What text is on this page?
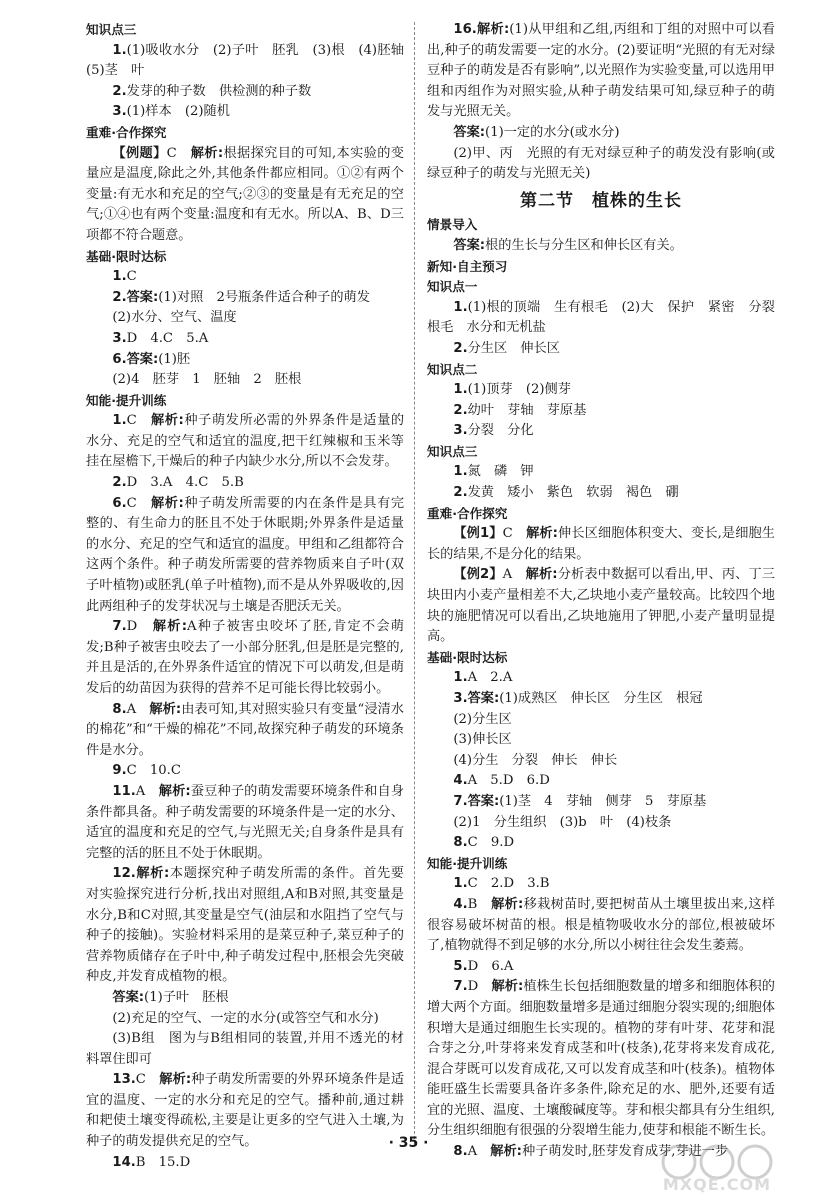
知识点三

1.(1)吸收水分　(2)子叶　胚乳　(3)根　(4)胚轴　(5)茎　叶

2.发芽的种子数　供检测的种子数

3.(1)样本　(2)随机

重难·合作探究

【例题】C　解析:根据探究目的可知,本实验的变量应是温度,除此之外,其他条件都应相同。①②有两个变量:有无水和充足的空气;②③的变量是有无充足的空气;①④也有两个变量:温度和有无水。所以A、B、D三项都不符合题意。

基础·限时达标

1.C

2.答案:(1)对照　2号瓶条件适合种子的萌发

(2)水分、空气、温度

3.D　4.C　5.A

6.答案:(1)胚

(2)4　胚芽　1　胚轴　2　胚根

知能·提升训练

1.C　解析:种子萌发所必需的外界条件是适量的水分、充足的空气和适宜的温度,把干红辣椒和玉米等挂在屋檐下,干燥后的种子内缺少水分,所以不会发芽。

2.D　3.A　4.C　5.B

6.C　解析:种子萌发所需要的内在条件是具有完整的、有生命力的胚且不处于休眠期;外界条件是适量的水分、充足的空气和适宜的温度。甲组和乙组都符合这两个条件。种子萌发所需要的营养物质来自子叶(双子叶植物)或胚乳(单子叶植物),而不是从外界吸收的,因此两组种子的发芽状况与土壤是否肥沃无关。

7.D　解析:A种子被害虫咬坏了胚,肯定不会萌发;B种子被害虫咬去了一小部分胚乳,但是胚是完整的,并且是活的,在外界条件适宜的情况下可以萌发,但是萌发后的幼苗因为获得的营养不足可能长得比较弱小。

8.A　解析:由表可知,其对照实验只有变量“浸清水的棉花”和“干燥的棉花”不同,故探究种子萌发的环境条件是水分。

9.C　10.C

11.A　解析:蚕豆种子的萌发需要环境条件和自身条件都具备。种子萌发需要的环境条件是一定的水分、适宜的温度和充足的空气,与光照无关;自身条件是具有完整的活的胚且不处于休眠期。

12.解析:本题探究种子萌发所需的条件。首先要对实验探究进行分析,找出对照组,A和B对照,其变量是水分,B和C对照,其变量是空气(油层和水阻挡了空气与种子的接触)。实验材料采用的是菜豆种子,菜豆种子的营养物质储存在子叶中,种子萌发过程中,胚根会先突破种皮,并发育成植物的根。

答案:(1)子叶　胚根

(2)充足的空气、一定的水分(或答空气和水分)

(3)B组　图为与B组相同的装置,并用不透光的材料罩住即可

13.C　解析:种子萌发所需要的外界环境条件是适宜的温度、一定的水分和充足的空气。播种前,通过耕和耙使土壤变得疏松,主要是让更多的空气进入土壤,为种子的萌发提供充足的空气。

14.B　15.D

16.解析:(1)从甲组和乙组,丙组和丁组的对照中可以看出,种子的萌发需要一定的水分。(2)要证明“光照的有无对绿豆种子的萌发是否有影响”,以光照作为实验变量,可以选用甲组和丙组作为对照实验,从种子萌发结果可知,绿豆种子的萌发与光照无关。

答案:(1)一定的水分(或水分)

(2)甲、丙　光照的有无对绿豆种子的萌发没有影响(或绿豆种子的萌发与光照无关)

第二节 植株的生长

情景导入

答案:根的生长与分生区和伸长区有关。

新知·自主预习

知识点一

1.(1)根的顶端　生有根毛　(2)大　保护　紧密　分裂　根毛　水分和无机盐

2.分生区　伸长区

知识点二

1.(1)顶芽　(2)侧芽

2.幼叶　芽轴　芽原基

3.分裂　分化

知识点三

1.氮　磷　钾

2.发黄　矮小　紫色　软弱　褐色　硼

重难·合作探究

【例1】C　解析:伸长区细胞体积变大、变长,是细胞生长的结果,不是分化的结果。

【例2】A　解析:分析表中数据可以看出,甲、丙、丁三块田内小麦产量相差不大,乙块地小麦产量较高。比较四个地块的施肥情况可以看出,乙块地施用了钾肥,小麦产量明显提高。

基础·限时达标

1.A　2.A

3.答案:(1)成熟区　伸长区　分生区　根冠

(2)分生区

(3)伸长区

(4)分生　分裂　伸长　伸长

4.A　5.D　6.D

7.答案:(1)茎　4　芽轴　侧芽　5　芽原基

(2)1　分生组织　(3)b　叶　(4)枝条

8.C　9.D

知能·提升训练

1.C　2.D　3.B

4.B　解析:移栽树苗时,要把树苗从土壤里拔出来,这样很容易破坏树苗的根。根是植物吸收水分的部位,根被破坏了,植物就得不到足够的水分,所以小树往往会发生萎蔫。

5.D　6.A

7.D　解析:植株生长包括细胞数量的增多和细胞体积的增大两个方面。细胞数量增多是通过细胞分裂实现的;细胞体积增大是通过细胞生长实现的。植物的芽有叶芽、花芽和混合芽之分,叶芽将来发育成茎和叶(枝条),花芽将来发育成花,混合芽既可以发育成花,又可以发育成茎和叶(枝条)。植物体能旺盛生长需要具备许多条件,除充足的水、肥外,还要有适宜的光照、温度、土壤酸碱度等。芽和根尖都具有分生组织,分生组织细胞有很强的分裂增生能力,使芽和根能不断生长。

8.A　解析:种子萌发时,胚芽发育成芽,芽进一步

· 35 ·
MXQE.COM
